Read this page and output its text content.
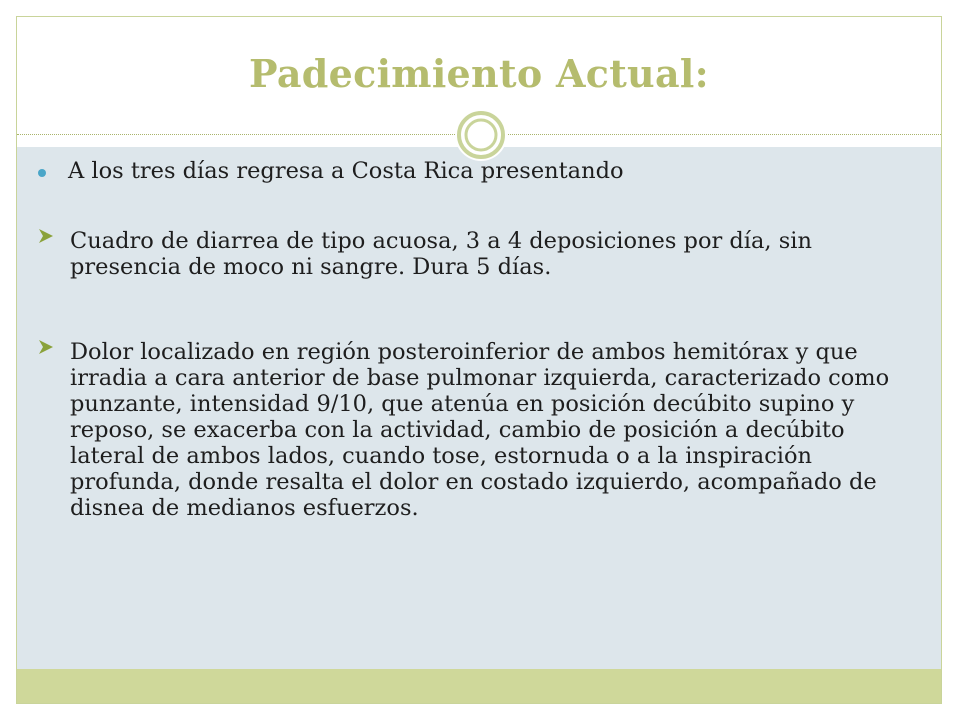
Padecimiento Actual:
A los tres días regresa a Costa Rica presentando
Cuadro de diarrea de tipo acuosa, 3 a 4 deposiciones por día, sin presencia de moco ni sangre. Dura 5 días.
Dolor localizado en región posteroinferior de ambos hemitórax y que irradia a cara anterior de base pulmonar izquierda, caracterizado como punzante, intensidad 9/10, que atenúa en posición decúbito supino y reposo, se exacerba con la actividad, cambio de posición a decúbito lateral de ambos lados, cuando tose, estornuda o a la inspiración profunda, donde resalta el dolor en costado izquierdo, acompañado de disnea de medianos esfuerzos.
